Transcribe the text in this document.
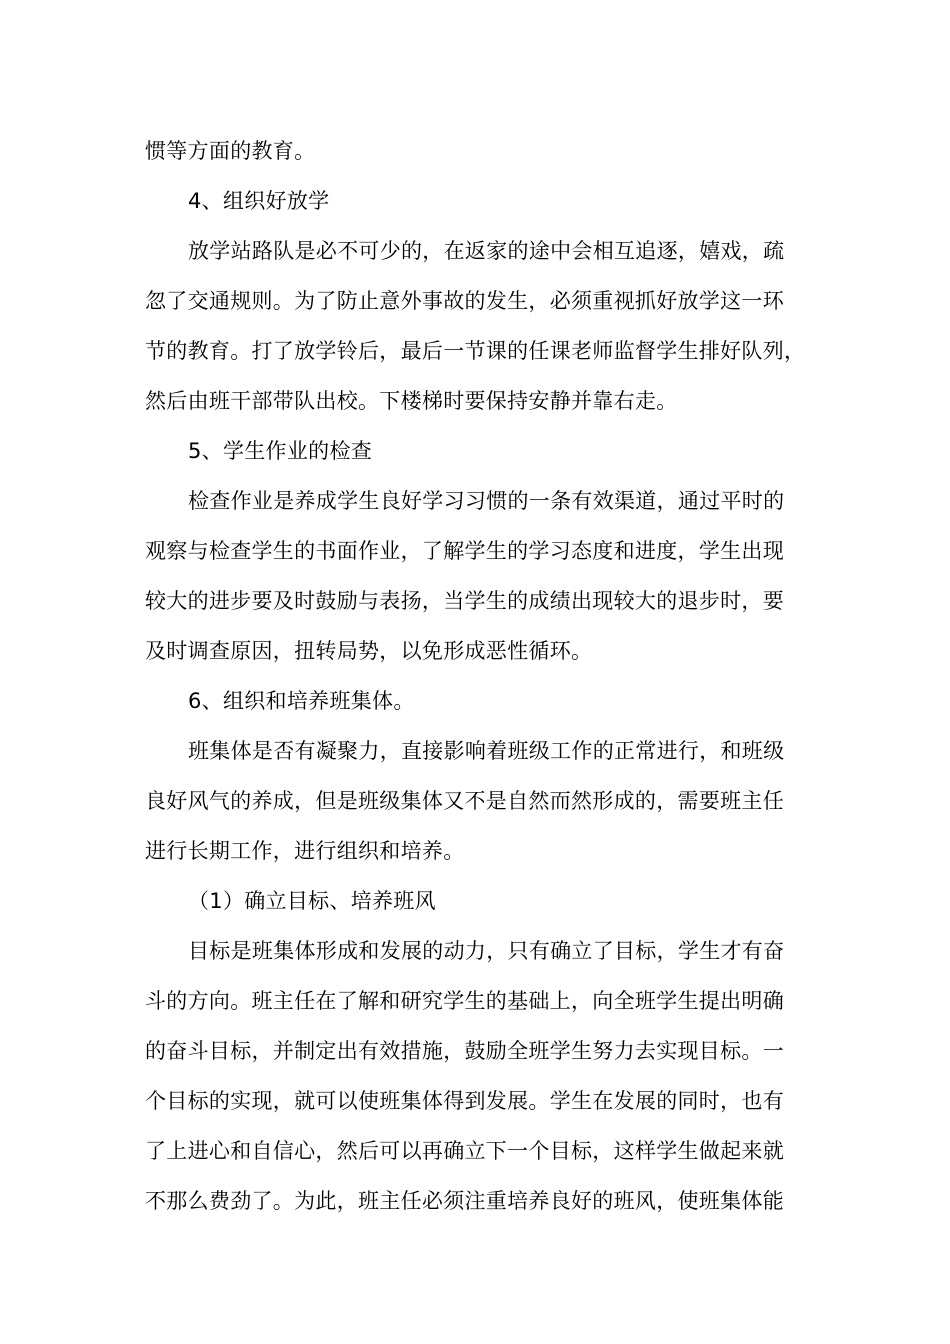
惯等方面的教育。
4、组织好放学
放学站路队是必不可少的，在返家的途中会相互追逐，嬉戏，疏
忽了交通规则。为了防止意外事故的发生，必须重视抓好放学这一环
节的教育。打了放学铃后，最后一节课的任课老师监督学生排好队列，
然后由班干部带队出校。下楼梯时要保持安静并靠右走。
5、学生作业的检查
检查作业是养成学生良好学习习惯的一条有效渠道，通过平时的
观察与检查学生的书面作业，了解学生的学习态度和进度，学生出现
较大的进步要及时鼓励与表扬，当学生的成绩出现较大的退步时，要
及时调查原因，扭转局势，以免形成恶性循环。
6、组织和培养班集体。
班集体是否有凝聚力，直接影响着班级工作的正常进行，和班级
良好风气的养成，但是班级集体又不是自然而然形成的，需要班主任
进行长期工作，进行组织和培养。
（1）确立目标、培养班风
目标是班集体形成和发展的动力，只有确立了目标，学生才有奋
斗的方向。班主任在了解和研究学生的基础上，向全班学生提出明确
的奋斗目标，并制定出有效措施，鼓励全班学生努力去实现目标。一
个目标的实现，就可以使班集体得到发展。学生在发展的同时，也有
了上进心和自信心，然后可以再确立下一个目标，这样学生做起来就
不那么费劲了。为此，班主任必须注重培养良好的班风，使班集体能
